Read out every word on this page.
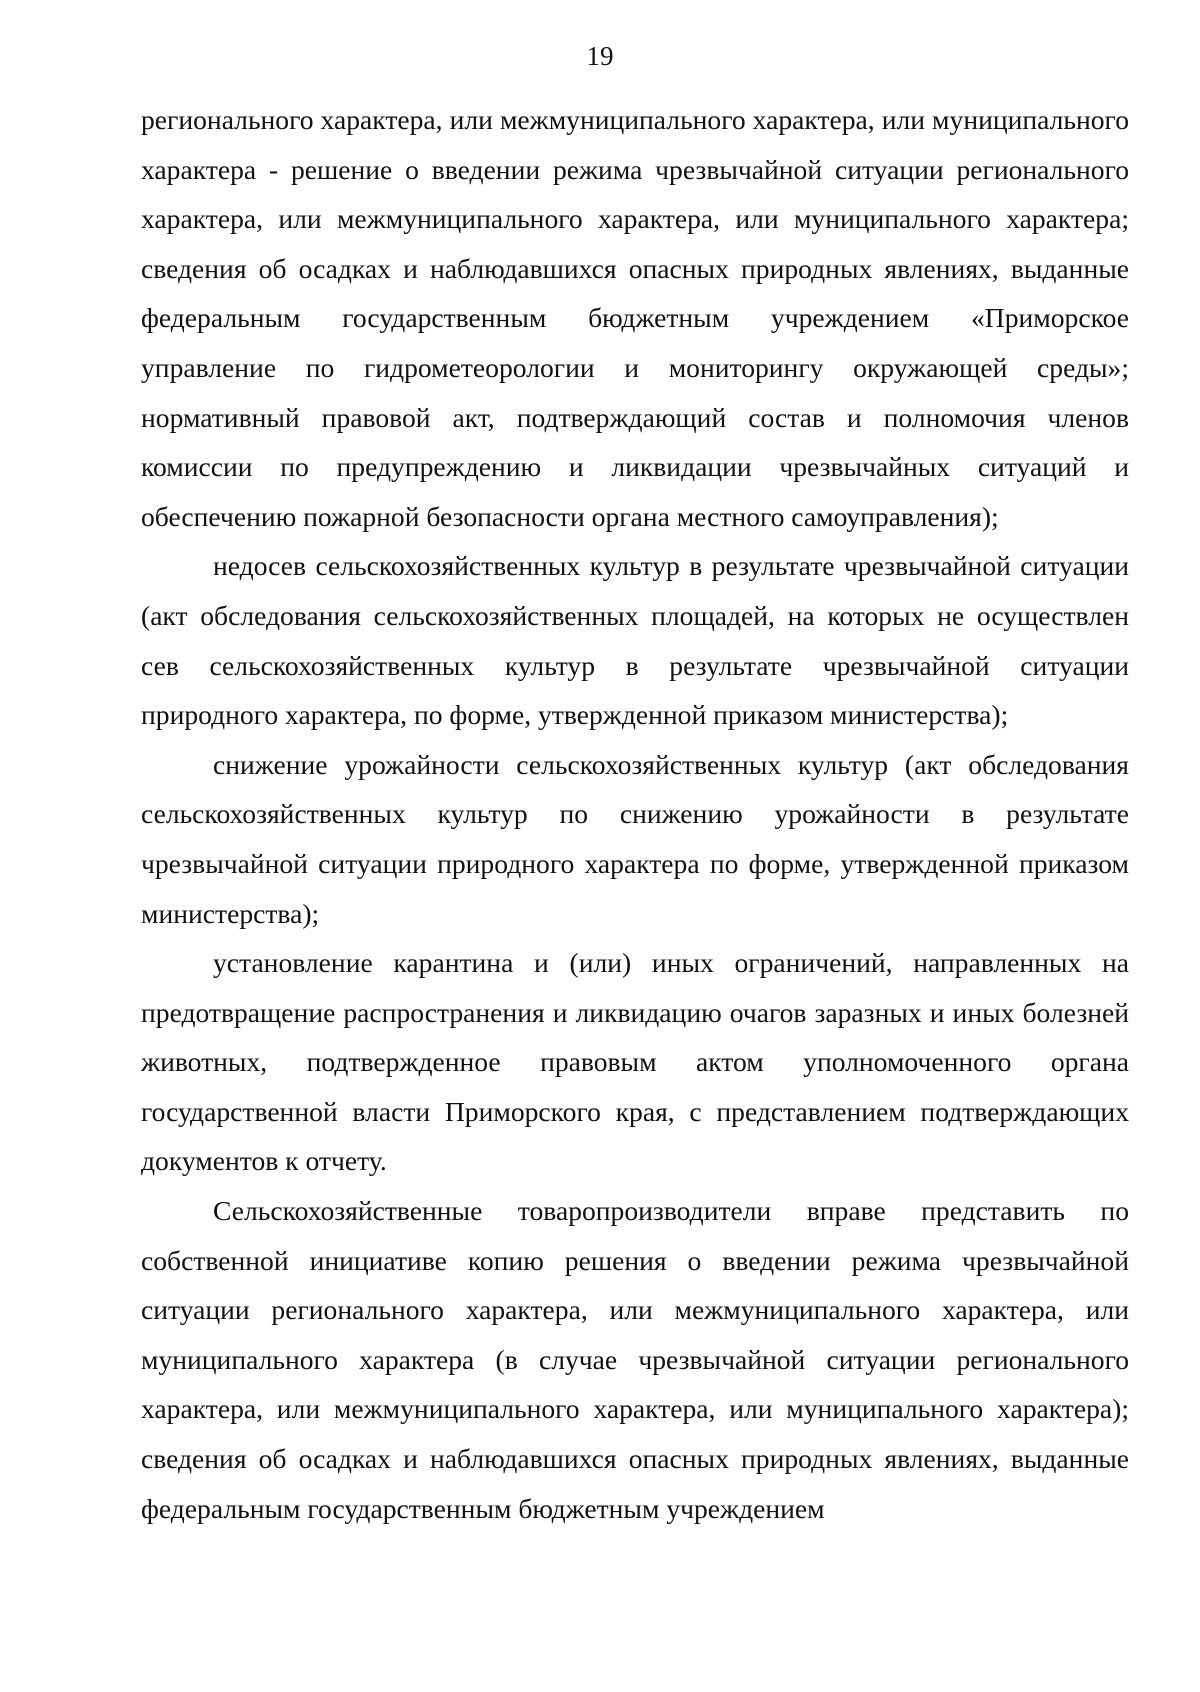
19

регионального характера, или межмуниципального характера, или муниципального характера - решение о введении режима чрезвычайной ситуации регионального характера, или межмуниципального характера, или муниципального характера; сведения об осадках и наблюдавшихся опасных природных явлениях, выданные федеральным государственным бюджетным учреждением «Приморское управление по гидрометеорологии и мониторингу окружающей среды»; нормативный правовой акт, подтверждающий состав и полномочия членов комиссии по предупреждению и ликвидации чрезвычайных ситуаций и обеспечению пожарной безопасности органа местного самоуправления);

недосев сельскохозяйственных культур в результате чрезвычайной ситуации (акт обследования сельскохозяйственных площадей, на которых не осуществлен сев сельскохозяйственных культур в результате чрезвычайной ситуации природного характера, по форме, утвержденной приказом министерства);

снижение урожайности сельскохозяйственных культур (акт обследования сельскохозяйственных культур по снижению урожайности в результате чрезвычайной ситуации природного характера по форме, утвержденной приказом министерства);

установление карантина и (или) иных ограничений, направленных на предотвращение распространения и ликвидацию очагов заразных и иных болезней животных, подтвержденное правовым актом уполномоченного органа государственной власти Приморского края, с представлением подтверждающих документов к отчету.

Сельскохозяйственные товаропроизводители вправе представить по собственной инициативе копию решения о введении режима чрезвычайной ситуации регионального характера, или межмуниципального характера, или муниципального характера (в случае чрезвычайной ситуации регионального характера, или межмуниципального характера, или муниципального характера); сведения об осадках и наблюдавшихся опасных природных явлениях, выданные федеральным государственным бюджетным учреждением
